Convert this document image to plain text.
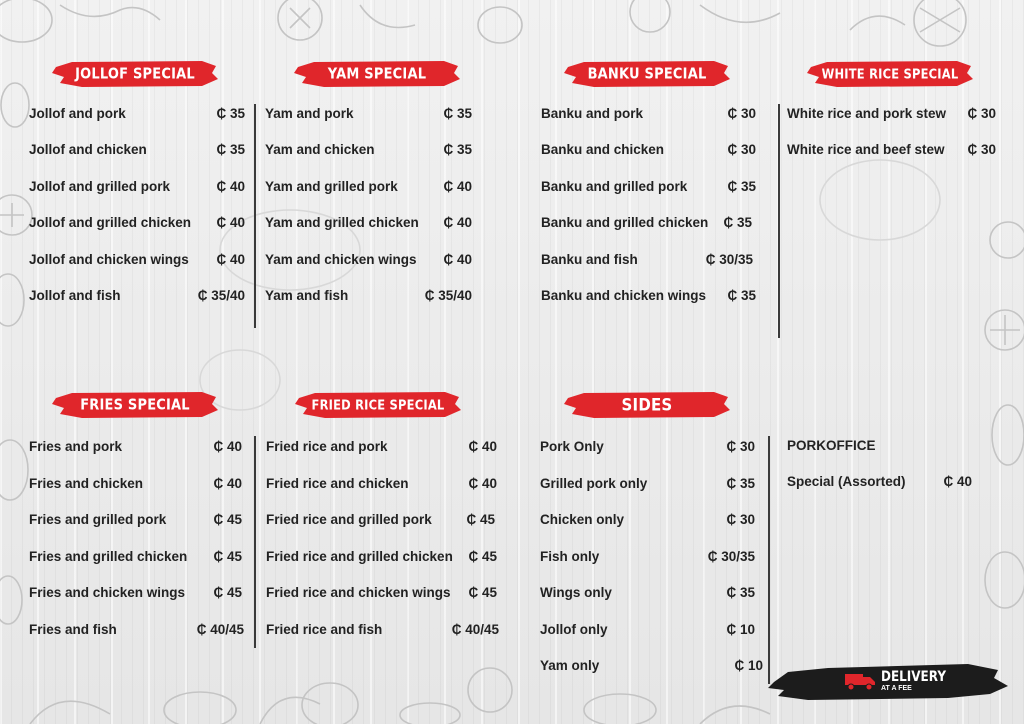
JOLLOF SPECIAL	YAM SPECIAL	BANKU SPECIAL	WHITE RICE SPECIAL
FRIES SPECIAL	FRIED RICE SPECIAL	SIDES
Jollof and pork	₵ 35
Jollof and chicken	₵ 35
Jollof and grilled pork	₵ 40
Jollof and grilled chicken ₵ 40
Jollof and chicken wings ₵ 40
Jollof and fish	₵ 35/40
Yam and pork	₵ 35
Yam and chicken	₵ 35
Yam and grilled pork	₵ 40
Yam and grilled chicken ₵ 40
Yam and chicken wings ₵ 40
Yam and fish	₵ 35/40
Banku and pork	₵ 30
Banku and chicken	₵ 30
Banku and grilled pork	₵ 35
Banku and grilled chicken ₵ 35
Banku and fish	₵ 30/35
Banku and chicken wings ₵ 35
White rice and pork stew ₵ 30
White rice and beef stew ₵ 30
Fries and pork	₵ 40
Fries and chicken	₵ 40
Fries and grilled pork	₵ 45
Fries and grilled chicken ₵ 45
Fries and chicken wings ₵ 45
Fries and fish	₵ 40/45
Fried rice and pork	₵ 40
Fried rice and chicken	₵ 40
Fried rice and grilled pork	₵ 45
Fried rice and grilled chicken ₵ 45
Fried rice and chicken wings ₵ 45
Fried rice and fish	₵ 40/45
Pork Only	₵ 30
Grilled pork only	₵ 35
Chicken only	₵ 30
Fish only	₵ 30/35
Wings only	₵ 35
Jollof only	₵ 10
Yam only	₵ 10
PORKOFFICE
Special (Assorted)	₵ 40
DELIVERY
AT A FEE
